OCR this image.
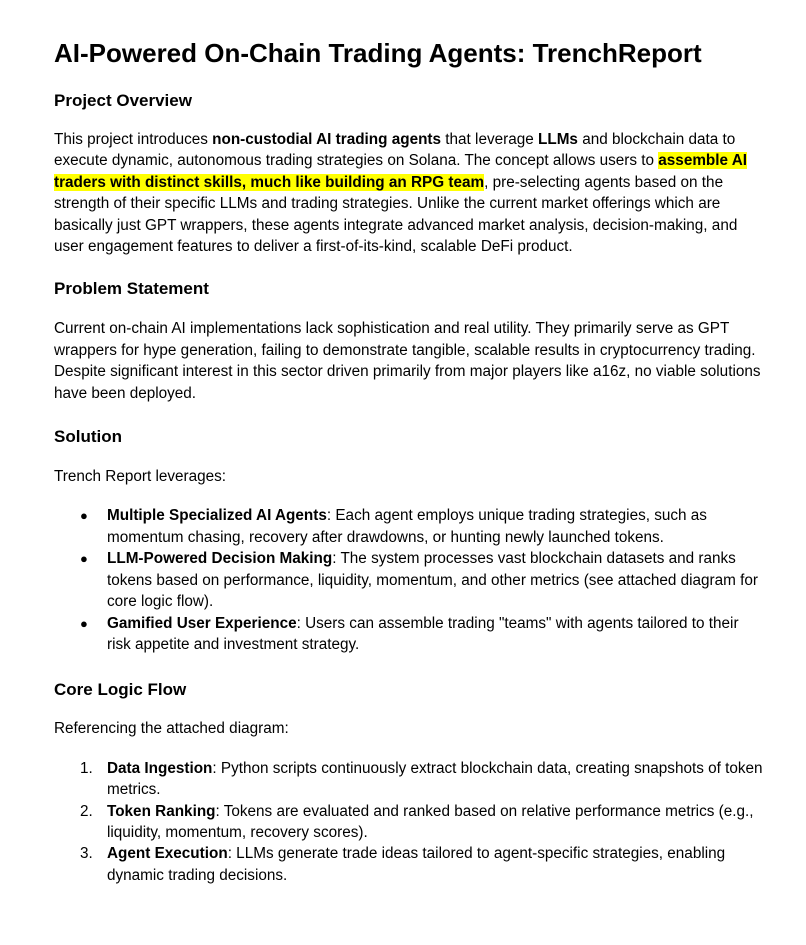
AI-Powered On-Chain Trading Agents: TrenchReport
Project Overview

This project introduces non-custodial AI trading agents that leverage LLMs and blockchain data to execute dynamic, autonomous trading strategies on Solana. The concept allows users to assemble AI traders with distinct skills, much like building an RPG team, pre-selecting agents based on the strength of their specific LLMs and trading strategies. Unlike the current market offerings which are basically just GPT wrappers, these agents integrate advanced market analysis, decision-making, and user engagement features to deliver a first-of-its-kind, scalable DeFi product.

Problem Statement

Current on-chain AI implementations lack sophistication and real utility. They primarily serve as GPT wrappers for hype generation, failing to demonstrate tangible, scalable results in cryptocurrency trading. Despite significant interest in this sector driven primarily from major players like a16z, no viable solutions have been deployed.

Solution

Trench Report leverages:

● Multiple Specialized AI Agents: Each agent employs unique trading strategies, such as momentum chasing, recovery after drawdowns, or hunting newly launched tokens.
● LLM-Powered Decision Making: The system processes vast blockchain datasets and ranks tokens based on performance, liquidity, momentum, and other metrics (see attached diagram for core logic flow).
● Gamified User Experience: Users can assemble trading "teams" with agents tailored to their risk appetite and investment strategy.
Core Logic Flow

Referencing the attached diagram:

1. Data Ingestion: Python scripts continuously extract blockchain data, creating snapshots of token metrics.
2. Token Ranking: Tokens are evaluated and ranked based on relative performance metrics (e.g., liquidity, momentum, recovery scores).
3. Agent Execution: LLMs generate trade ideas tailored to agent-specific strategies, enabling dynamic trading decisions.
